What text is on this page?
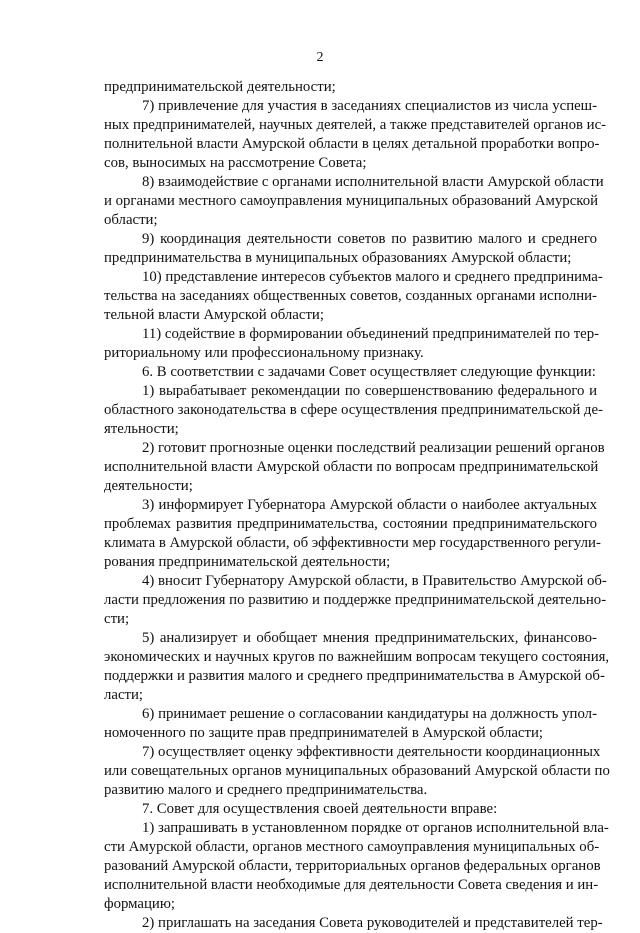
2
предпринимательской деятельности;
7) привлечение для участия в заседаниях специалистов из числа успеш-
ных предпринимателей, научных деятелей, а также представителей органов ис-
полнительной власти Амурской области в целях детальной проработки вопро-
сов, выносимых на рассмотрение Совета;
8) взаимодействие с органами исполнительной власти Амурской области
и органами местного самоуправления муниципальных образований Амурской
области;
9) координация деятельности советов по развитию малого и среднего
предпринимательства в муниципальных образованиях Амурской области;
10) представление интересов субъектов малого и среднего предпринима-
тельства на заседаниях общественных советов, созданных органами исполни-
тельной власти Амурской области;
11) содействие в формировании объединений предпринимателей по тер-
риториальному или профессиональному признаку.
6. В соответствии с задачами Совет осуществляет следующие функции:
1) вырабатывает рекомендации по совершенствованию федерального и
областного законодательства в сфере осуществления предпринимательской де-
ятельности;
2) готовит прогнозные оценки последствий реализации решений органов
исполнительной власти Амурской области по вопросам предпринимательской
деятельности;
3) информирует Губернатора Амурской области о наиболее актуальных
проблемах развития предпринимательства, состоянии предпринимательского
климата в Амурской области, об эффективности мер государственного регули-
рования предпринимательской деятельности;
4) вносит Губернатору Амурской области, в Правительство Амурской об-
ласти предложения по развитию и поддержке предпринимательской деятельно-
сти;
5) анализирует и обобщает мнения предпринимательских, финансово-
экономических и научных кругов по важнейшим вопросам текущего состояния,
поддержки и развития малого и среднего предпринимательства в Амурской об-
ласти;
6) принимает решение о согласовании кандидатуры на должность упол-
номоченного по защите прав предпринимателей в Амурской области;
7) осуществляет оценку эффективности деятельности координационных
или совещательных органов муниципальных образований Амурской области по
развитию малого и среднего предпринимательства.
7. Совет для осуществления своей деятельности вправе:
1) запрашивать в установленном порядке от органов исполнительной вла-
сти Амурской области, органов местного самоуправления муниципальных об-
разований Амурской области, территориальных органов федеральных органов
исполнительной власти необходимые для деятельности Совета сведения и ин-
формацию;
2) приглашать на заседания Совета руководителей и представителей тер-
